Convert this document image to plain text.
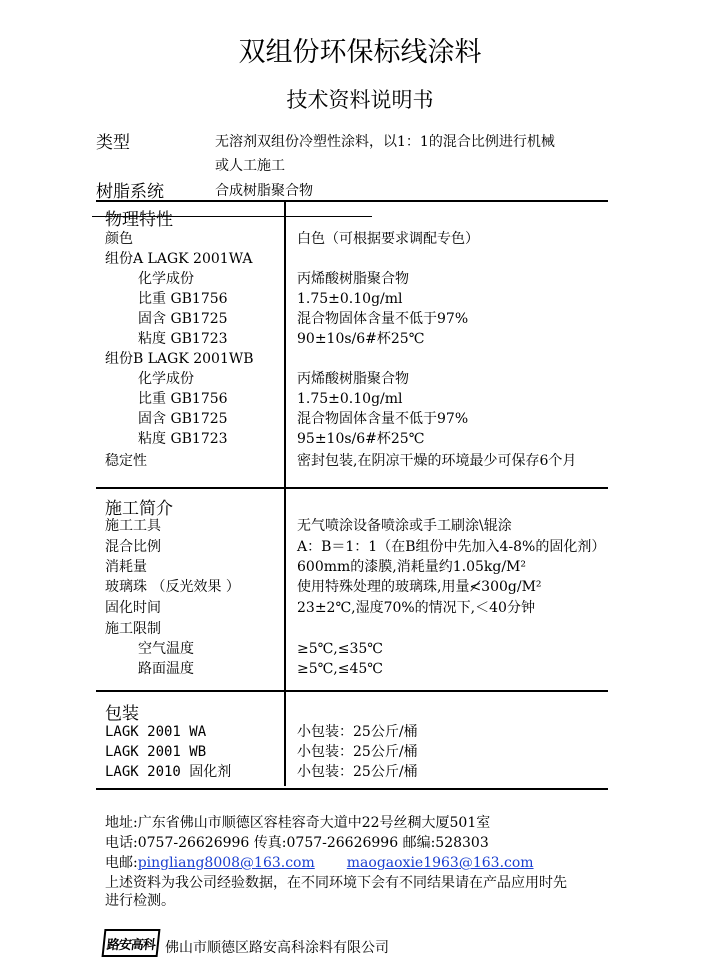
双组份环保标线涂料
技术资料说明书
类型	无溶剂双组份冷塑性涂料，以1：1的混合比例进行机械
或人工施工
树脂系统	合成树脂聚合物
物理特性
颜色	白色（可根据要求调配专色）
组份A LAGK 2001WA
化学成份	丙烯酸树脂聚合物
比重 GB1756	1.75±0.10g/ml
固含 GB1725	混合物固体含量不低于97%
粘度 GB1723	90±10s/6#杯25℃
组份B LAGK 2001WB
化学成份	丙烯酸树脂聚合物
比重 GB1756	1.75±0.10g/ml
固含 GB1725	混合物固体含量不低于97%
粘度 GB1723	95±10s/6#杯25℃
稳定性	密封包装,在阴凉干燥的环境最少可保存6个月
施工简介
施工工具	无气喷涂设备喷涂或手工刷涂\辊涂
混合比例	A：B＝1：1（在B组份中先加入4-8%的固化剂）
消耗量	600mm的漆膜,消耗量约1.05kg/M²
玻璃珠 （反光效果 ）	使用特殊处理的玻璃珠,用量≮300g/M²
固化时间	23±2℃,湿度70%的情况下,＜40分钟
施工限制
空气温度	≥5℃,≤35℃
路面温度	≥5℃,≤45℃
包装
LAGK 2001 WA	小包装：25公斤/桶
LAGK 2001 WB	小包装：25公斤/桶
LAGK 2010 固化剂	小包装：25公斤/桶
地址:广东省佛山市顺德区容桂容奇大道中22号丝稠大厦501室
电话:0757-26626996 传真:0757-26626996 邮编:528303
电邮:pingliang8008@163.com maogaoxie1963@163.com
上述资料为我公司经验数据，在不同环境下会有不同结果请在产品应用时先
进行检测。
路安高科 佛山市顺德区路安高科涂料有限公司
